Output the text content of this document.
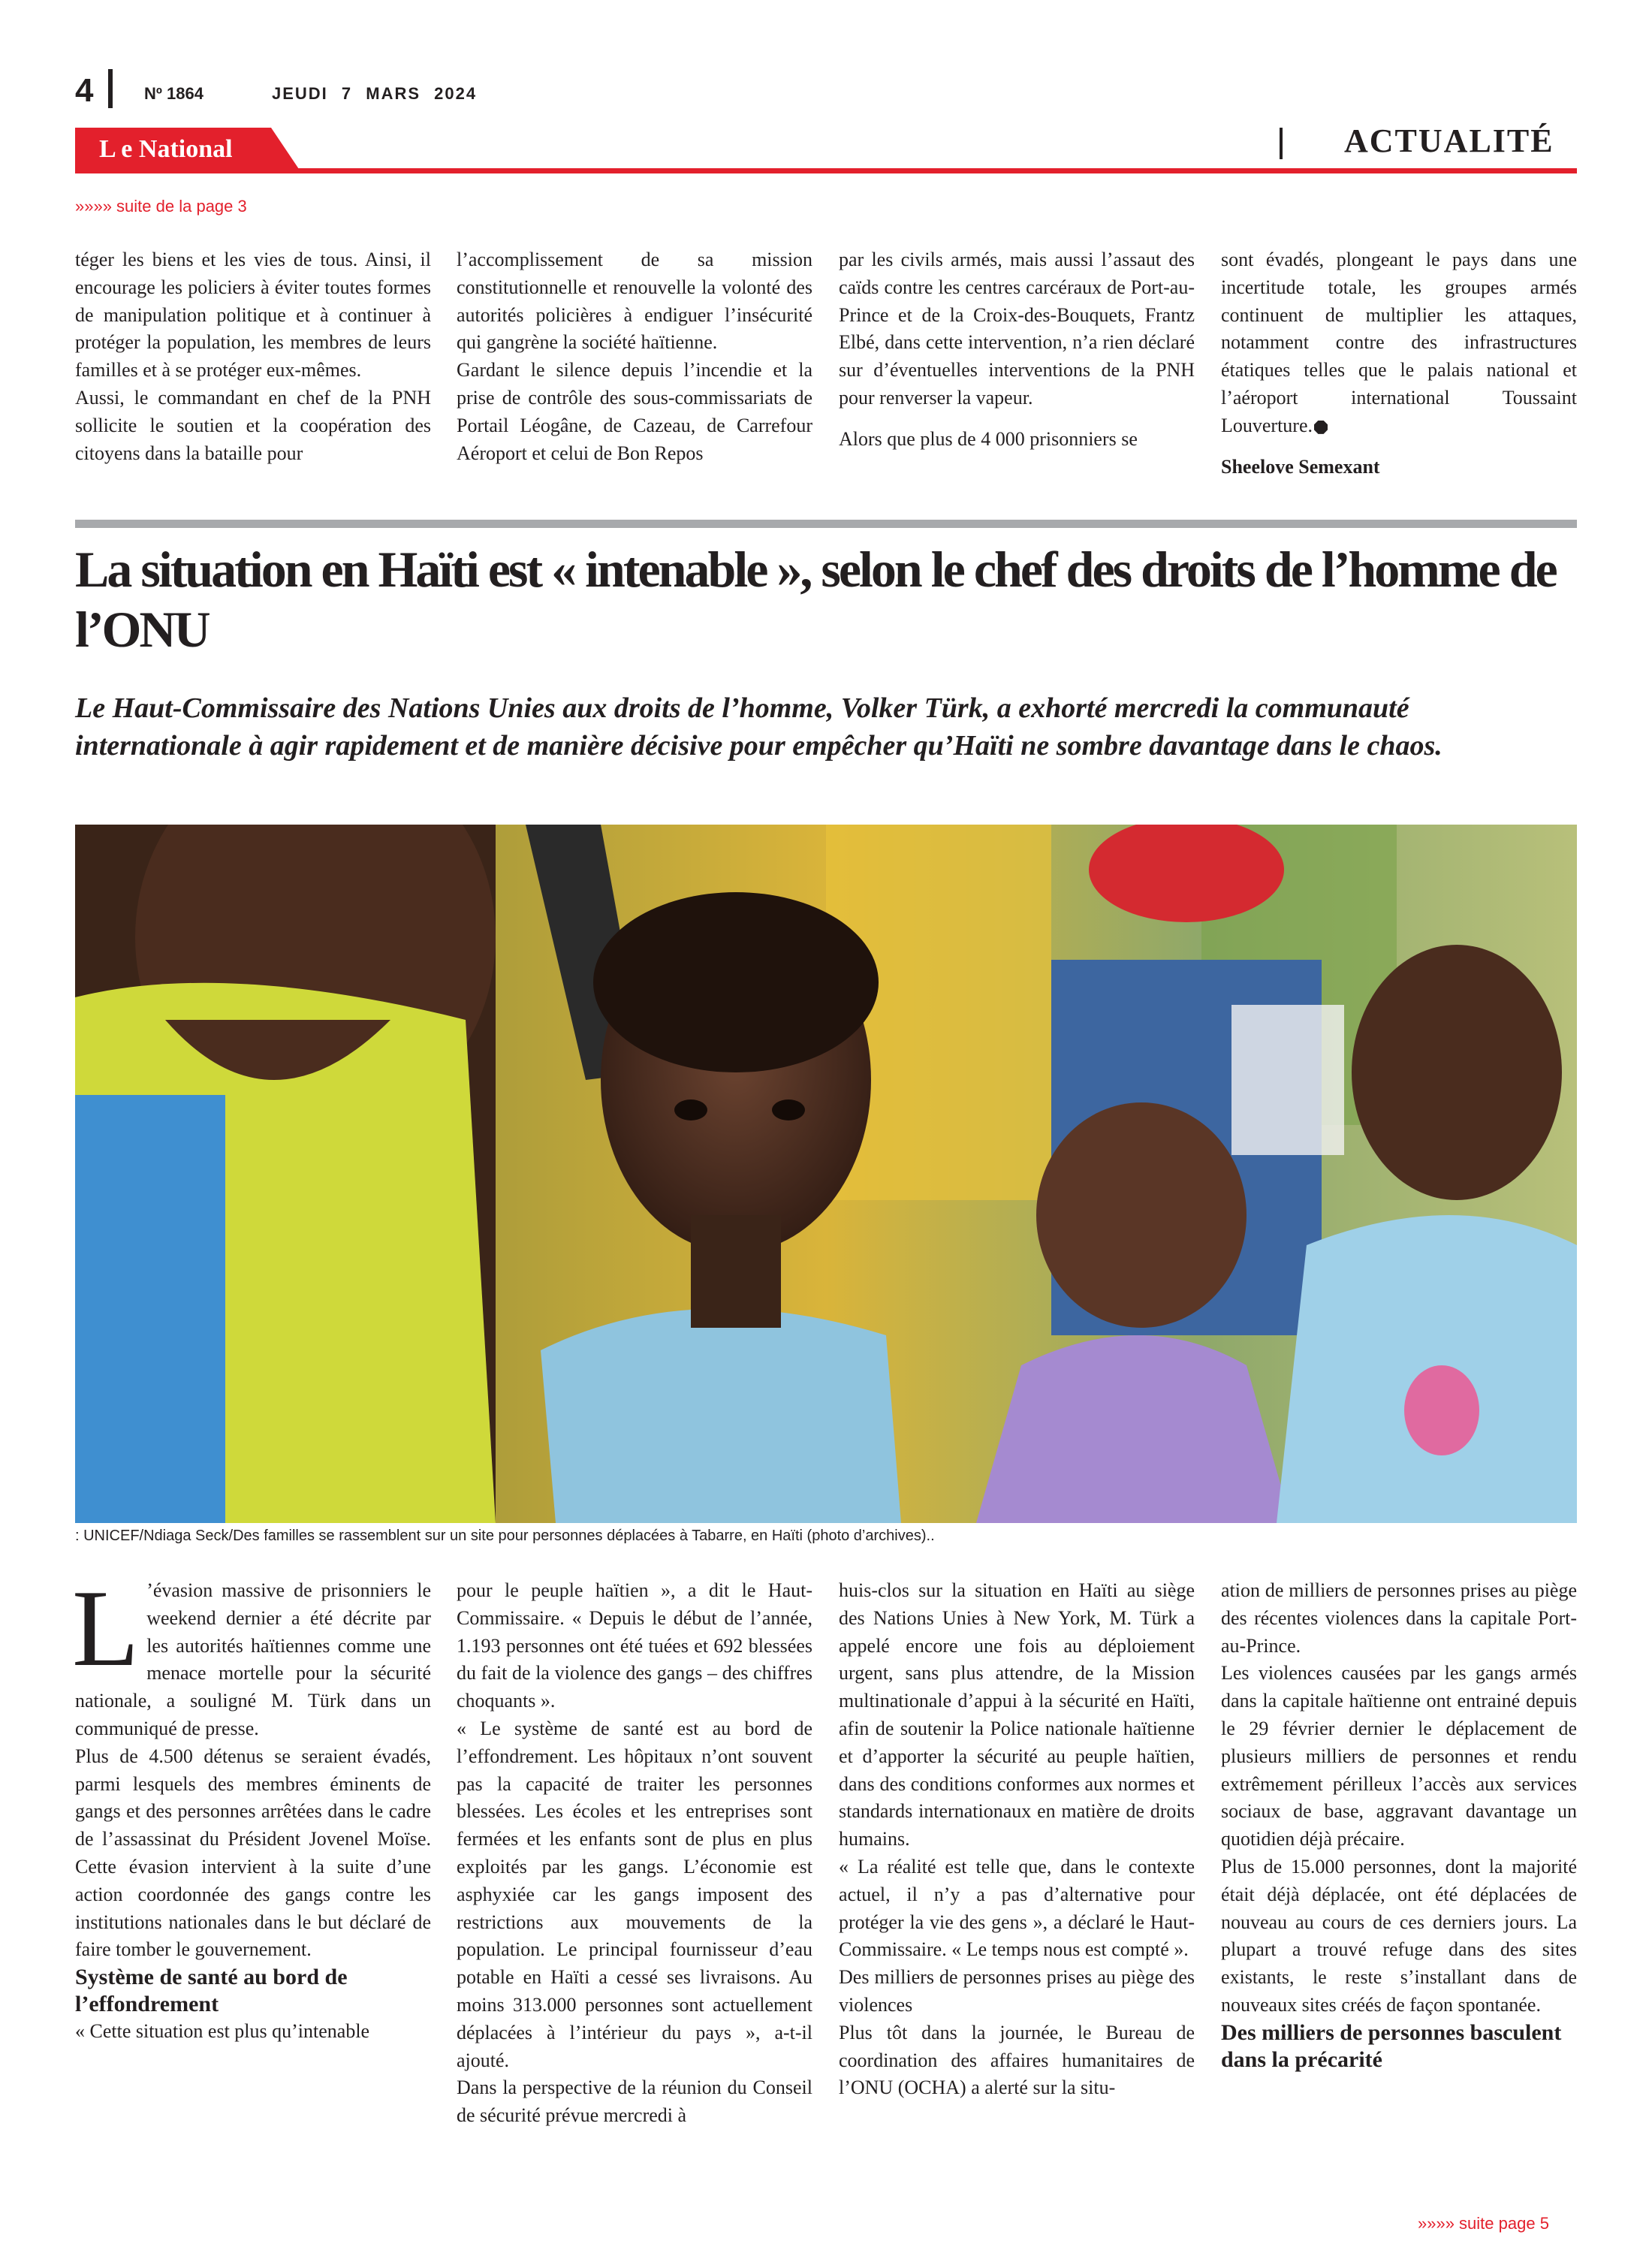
4	Nº 1864	JEUDI 7 MARS 2024
L e National	ACTUALITÉ
»»»» suite de la page 3

téger les biens et les vies de tous. Ainsi, il encourage les policiers à éviter toutes formes de manipulation politique et à continuer à protéger la population, les membres de leurs familles et à se protéger eux-mêmes.

Aussi, le commandant en chef de la PNH sollicite le soutien et la coopération des citoyens dans la bataille pour

l’accomplissement de sa mission constitutionnelle et renouvelle la volonté des autorités policières à endiguer l’insécurité qui gangrène la société haïtienne.

Gardant le silence depuis l’incendie et la prise de contrôle des sous-commissariats de Portail Léogâne, de Cazeau, de Carrefour Aéroport et celui de Bon Repos

par les civils armés, mais aussi l’assaut des caïds contre les centres carcéraux de Port-au-Prince et de la Croix-des-Bouquets, Frantz Elbé, dans cette intervention, n’a rien déclaré sur d’éventuelles interventions de la PNH pour renverser la vapeur.

Alors que plus de 4 000 prisonniers se

sont évadés, plongeant le pays dans une incertitude totale, les groupes armés continuent de multiplier les attaques, notamment contre des infrastructures étatiques telles que le palais national et l’aéroport international Toussaint Louverture.

Sheelove Semexant

La situation en Haïti est « intenable », selon le chef des droits de l’homme de l’ONU
Le Haut-Commissaire des Nations Unies aux droits de l’homme, Volker Türk, a exhorté mercredi la communauté internationale à agir rapidement et de manière décisive pour empêcher qu’Haïti ne sombre davantage dans le chaos.
: UNICEF/Ndiaga Seck/Des familles se rassemblent sur un site pour personnes déplacées à Tabarre, en Haïti (photo d’archives)..

L ’évasion massive de prisonniers le weekend dernier a été décrite par les autorités haïtiennes comme une menace mortelle pour la sécurité nationale, a souligné M. Türk dans un communiqué de presse.

Plus de 4.500 détenus se seraient évadés, parmi lesquels des membres éminents de gangs et des personnes arrêtées dans le cadre de l’assassinat du Président Jovenel Moïse. Cette évasion intervient à la suite d’une action coordonnée des gangs contre les institutions nationales dans le but déclaré de faire tomber le gouvernement.

Système de santé au bord de l’effondrement

« Cette situation est plus qu’intenable

pour le peuple haïtien », a dit le Haut-Commissaire. « Depuis le début de l’année, 1.193 personnes ont été tuées et 692 blessées du fait de la violence des gangs – des chiffres choquants ».

« Le système de santé est au bord de l’effondrement. Les hôpitaux n’ont souvent pas la capacité de traiter les personnes blessées. Les écoles et les entreprises sont fermées et les enfants sont de plus en plus exploités par les gangs. L’économie est asphyxiée car les gangs imposent des restrictions aux mouvements de la population. Le principal fournisseur d’eau potable en Haïti a cessé ses livraisons. Au moins 313.000 personnes sont actuellement déplacées à l’intérieur du pays », a-t-il ajouté.

Dans la perspective de la réunion du Conseil de sécurité prévue mercredi à

huis-clos sur la situation en Haïti au siège des Nations Unies à New York, M. Türk a appelé encore une fois au déploiement urgent, sans plus attendre, de la Mission multinationale d’appui à la sécurité en Haïti, afin de soutenir la Police nationale haïtienne et d’apporter la sécurité au peuple haïtien, dans des conditions conformes aux normes et standards internationaux en matière de droits humains.

« La réalité est telle que, dans le contexte actuel, il n’y a pas d’alternative pour protéger la vie des gens », a déclaré le Haut-Commissaire. « Le temps nous est compté ».

Des milliers de personnes prises au piège des violences

Plus tôt dans la journée, le Bureau de coordination des affaires humanitaires de l’ONU (OCHA) a alerté sur la situ-

ation de milliers de personnes prises au piège des récentes violences dans la capitale Port-au-Prince.

Les violences causées par les gangs armés dans la capitale haïtienne ont entrainé depuis le 29 février dernier le déplacement de plusieurs milliers de personnes et rendu extrêmement périlleux l’accès aux services sociaux de base, aggravant davantage un quotidien déjà précaire.

Plus de 15.000 personnes, dont la majorité était déjà déplacée, ont été déplacées de nouveau au cours de ces derniers jours. La plupart a trouvé refuge dans des sites existants, le reste s’installant dans de nouveaux sites créés de façon spontanée.

Des milliers de personnes basculent dans la précarité

»»»» suite page 5
